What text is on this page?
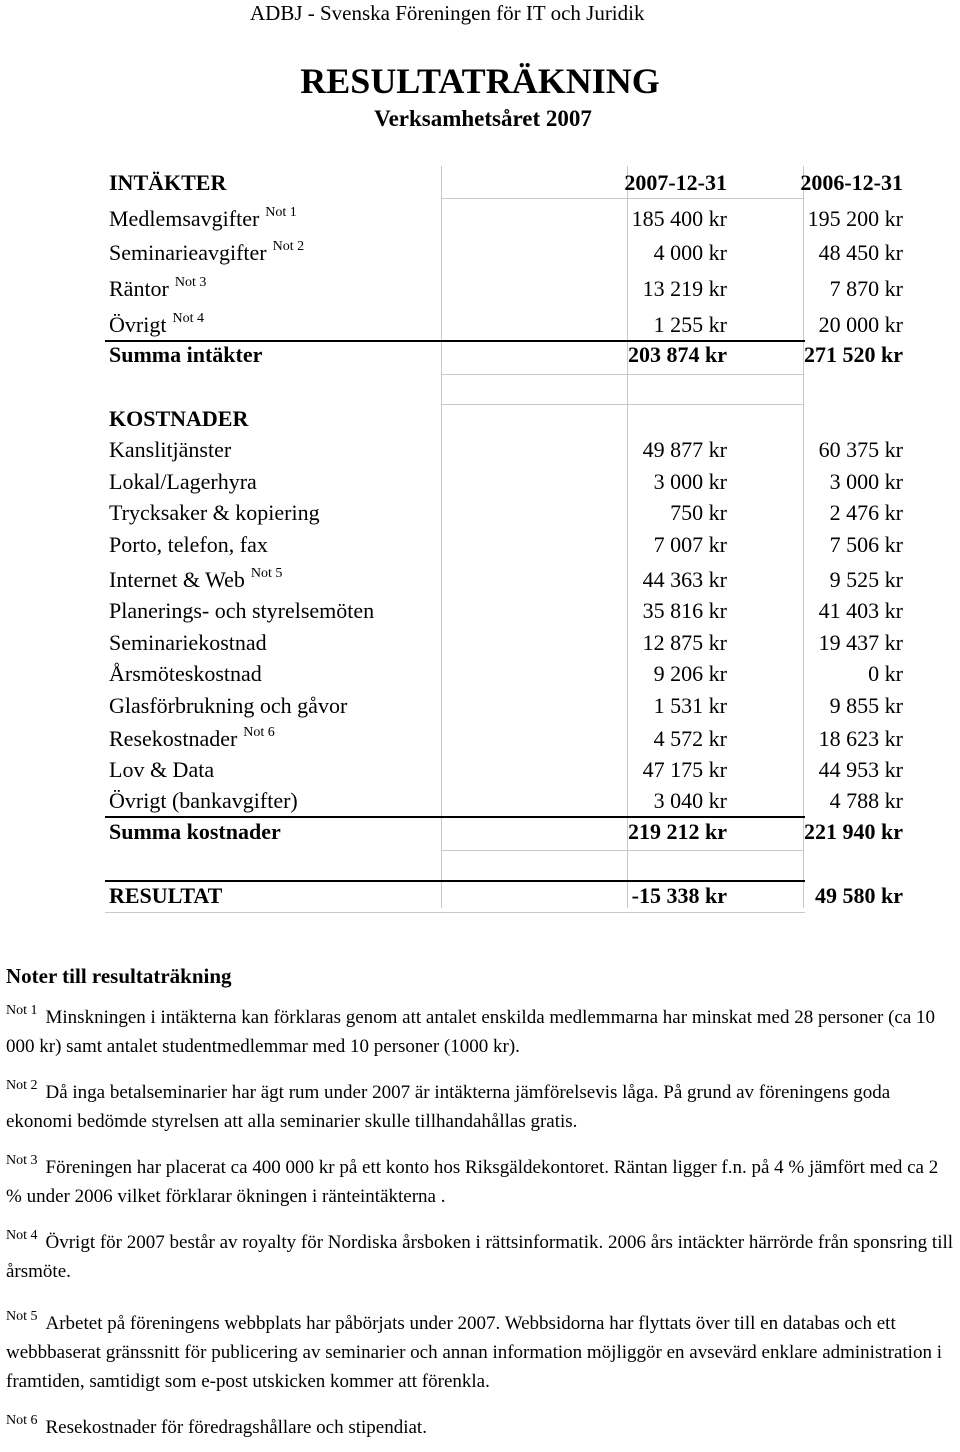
ADBJ - Svenska Föreningen för IT och Juridik
RESULTATRÄKNING
Verksamhetsåret 2007
INTÄKTER	2007-12-31	2006-12-31
Medlemsavgifter $^{Not 1}$	185 400 kr	195 200 kr
Seminarieavgifter $^{Not 2}$	4 000 kr	48 450 kr
Räntor $^{Not 3}$	13 219 kr	7 870 kr
Övrigt $^{Not 4}$	1 255 kr	20 000 kr
Summa intäkter	203 874 kr	271 520 kr
KOSTNADER
Kanslitjänster	49 877 kr	60 375 kr
Lokal/Lagerhyra	3 000 kr	3 000 kr
Trycksaker & kopiering	750 kr	2 476 kr
Porto, telefon, fax	7 007 kr	7 506 kr
Internet & Web $^{Not 5}$	44 363 kr	9 525 kr
Planerings- och styrelsemöten	35 816 kr	41 403 kr
Seminariekostnad	12 875 kr	19 437 kr
Årsmöteskostnad	9 206 kr	0 kr
Glasförbrukning och gåvor	1 531 kr	9 855 kr
Resekostnader $^{Not 6}$	4 572 kr	18 623 kr
Lov & Data	47 175 kr	44 953 kr
Övrigt (bankavgifter)	3 040 kr	4 788 kr
Summa kostnader	219 212 kr	221 940 kr
RESULTAT	-15 338 kr	49 580 kr
Noter till resultaträkning
$^{Not 1}$ Minskningen i intäkterna kan förklaras genom att antalet enskilda medlemmarna har minskat med 28 personer (ca 10 000 kr) samt antalet studentmedlemmar med 10 personer (1000 kr).
$^{Not 2}$ Då inga betalseminarier har ägt rum under 2007 är intäkterna jämförelsevis låga. På grund av föreningens goda ekonomi bedömde styrelsen att alla seminarier skulle tillhandahållas gratis.
$^{Not 3}$ Föreningen har placerat ca 400 000 kr på ett konto hos Riksgäldekontoret. Räntan ligger f.n. på 4 % jämfört med ca 2 % under 2006 vilket förklarar ökningen i ränteintäkterna .
$^{Not 4}$ Övrigt för 2007 består av royalty för Nordiska årsboken i rättsinformatik. 2006 års intäckter härrörde från sponsring till årsmöte.
$^{Not 5}$ Arbetet på föreningens webbplats har påbörjats under 2007. Webbsidorna har flyttats över till en databas och ett webbbaserat gränssnitt för publicering av seminarier och annan information möjliggör en avsevärd enklare administration i framtiden, samtidigt som e-post utskicken kommer att förenkla.
$^{Not 6}$ Resekostnader för föredragshållare och stipendiat.
